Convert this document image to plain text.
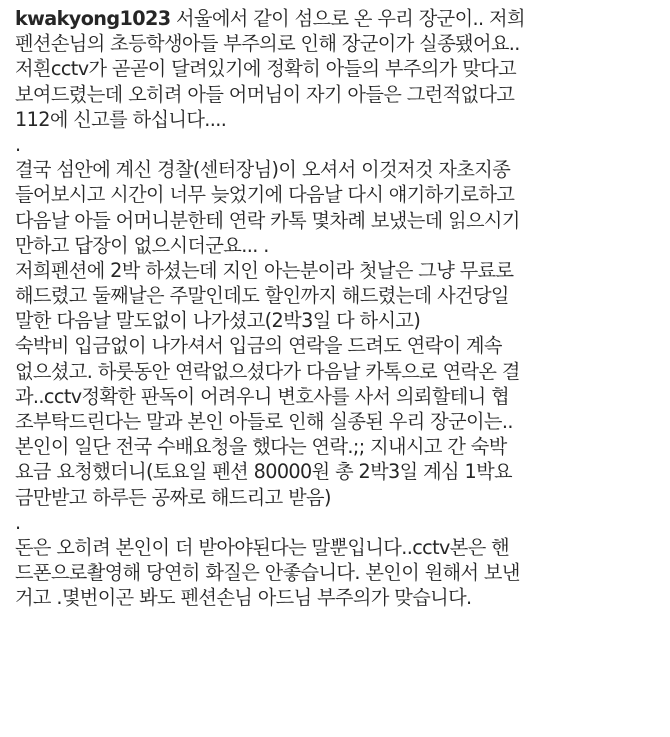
kwakyong1023 서울에서 같이 섬으로 온 우리 장군이.. 저희
펜션손님의 초등학생아들 부주의로 인해 장군이가 실종됐어요..
저흰cctv가 곧곧이 달려있기에 정확히 아들의 부주의가 맞다고
보여드렸는데 오히려 아들 어머님이 자기 아들은 그런적없다고
112에 신고를 하십니다....
.
결국 섬안에 계신 경찰(센터장님)이 오셔서 이것저것 자초지종
들어보시고 시간이 너무 늦었기에 다음날 다시 얘기하기로하고
다음날 아들 어머니분한테 연락 카톡 몇차례 보냈는데 읽으시기
만하고 답장이 없으시더군요... .
저희펜션에 2박 하셨는데 지인 아는분이라 첫날은 그냥 무료로
해드렸고 둘째날은 주말인데도 할인까지 해드렸는데 사건당일
말한 다음날 말도없이 나가셨고(2박3일 다 하시고)
숙박비 입금없이 나가셔서 입금의 연락을 드려도 연락이 계속
없으셨고. 하룻동안 연락없으셨다가 다음날 카톡으로 연락온 결
과..cctv정확한 판독이 어려우니 변호사를 사서 의뢰할테니 협
조부탁드린다는 말과 본인 아들로 인해 실종된 우리 장군이는..
본인이 일단 전국 수배요청을 했다는 연락.;; 지내시고 간 숙박
요금 요청했더니(토요일 펜션 80000원 총 2박3일 계심 1박요
금만받고 하루든 공짜로 해드리고 받음)
.
돈은 오히려 본인이 더 받아야된다는 말뿐입니다..cctv본은 핸
드폰으로촬영해 당연히 화질은 안좋습니다. 본인이 원해서 보낸
거고 .몇번이곤 봐도 펜션손님 아드님 부주의가 맞습니다.
